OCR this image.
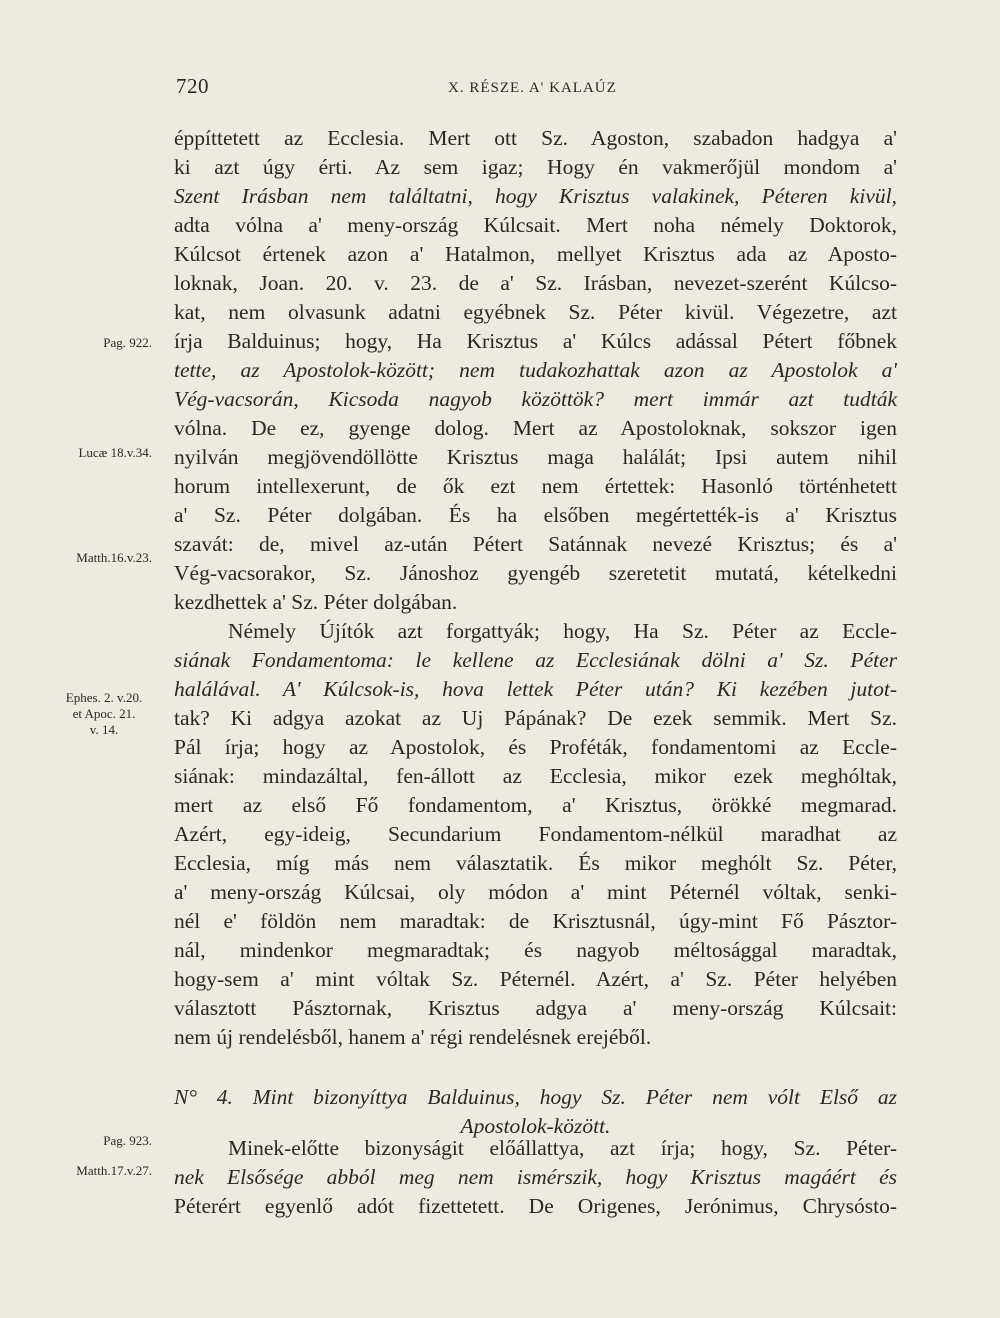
720	X. RÉSZE. A' KALAÚZ
Pag. 922.
Lucæ 18.v.34.
Matth.16.v.23.
Ephes. 2. v.20.
et Apoc. 21.
v. 14.
Pag. 923.
Matth.17.v.27.
éppíttetett az Ecclesia. Mert ott Sz. Agoston, szabadon hadgya a'
ki azt úgy érti. Az sem igaz; Hogy én vakmerőjül mondom a'
Szent Irásban nem találtatni, hogy Krisztus valakinek, Péteren kivül,
adta vólna a' meny-ország Kúlcsait. Mert noha némely Doktorok,
Kúlcsot értenek azon a' Hatalmon, mellyet Krisztus ada az Aposto-
loknak, Joan. 20. v. 23. de a' Sz. Irásban, nevezet-szerént Kúlcso-
kat, nem olvasunk adatni egyébnek Sz. Péter kivül. Végezetre, azt
írja Balduinus; hogy, Ha Krisztus a' Kúlcs adással Pétert főbnek
tette, az Apostolok-között; nem tudakozhattak azon az Apostolok a'
Vég-vacsorán, Kicsoda nagyob közöttök? mert immár azt tudták
vólna. De ez, gyenge dolog. Mert az Apostoloknak, sokszor igen
nyilván megjövendöllötte Krisztus maga halálát; Ipsi autem nihil
horum intellexerunt, de ők ezt nem értettek: Hasonló történhetett
a' Sz. Péter dolgában. És ha elsőben megértették-is a' Krisztus
szavát: de, mivel az-után Pétert Satánnak nevezé Krisztus; és a'
Vég-vacsorakor, Sz. Jánoshoz gyengéb szeretetit mutatá, kételkedni
kezdhettek a' Sz. Péter dolgában.
Némely Újítók azt forgattyák; hogy, Ha Sz. Péter az Eccle-
siának Fondamentoma: le kellene az Ecclesiának dölni a' Sz. Péter
halálával. A' Kúlcsok-is, hova lettek Péter után? Ki kezében jutot-
tak? Ki adgya azokat az Uj Pápának? De ezek semmik. Mert Sz.
Pál írja; hogy az Apostolok, és Proféták, fondamentomi az Eccle-
siának: mindazáltal, fen-állott az Ecclesia, mikor ezek meghóltak,
mert az első Fő fondamentom, a' Krisztus, örökké megmarad.
Azért, egy-ideig, Secundarium Fondamentom-nélkül maradhat az
Ecclesia, míg más nem választatik. És mikor meghólt Sz. Péter,
a' meny-ország Kúlcsai, oly módon a' mint Péternél vóltak, senki-
nél e' földön nem maradtak: de Krisztusnál, úgy-mint Fő Pásztor-
nál, mindenkor megmaradtak; és nagyob méltosággal maradtak,
hogy-sem a' mint vóltak Sz. Péternél. Azért, a' Sz. Péter helyében
választott Pásztornak, Krisztus adgya a' meny-ország Kúlcsait:
nem új rendelésből, hanem a' régi rendelésnek erejéből.
N° 4. Mint bizonyíttya Balduinus, hogy Sz. Péter nem vólt Első az
Apostolok-között.
Minek-előtte bizonyságit előállattya, azt írja; hogy, Sz. Péter-
nek Elsősége abból meg nem ismérszik, hogy Krisztus magáért és
Péterért egyenlő adót fizettetett. De Origenes, Jerónimus, Chrysósto-
